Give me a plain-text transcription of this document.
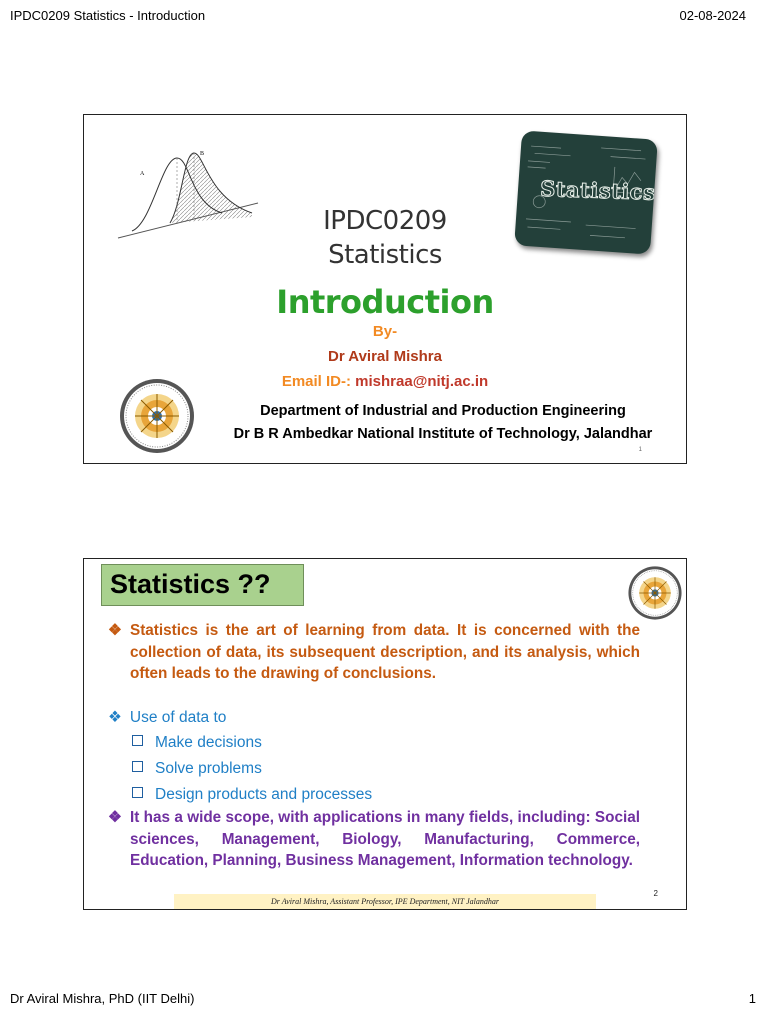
IPDC0209 Statistics - Introduction	02-08-2024
A
B
Statistics
IPDC0209
Statistics
Introduction
By-
Dr Aviral Mishra
Email ID-: mishraa@nitj.ac.in
Department of Industrial and Production Engineering
Dr B R Ambedkar National Institute of Technology, Jalandhar
1
Statistics ??
❖ Statistics is the art of learning from data. It is concerned with the collection of data, its subsequent description, and its analysis, which often leads to the drawing of conclusions.
❖ Use of data to
Make decisions
Solve problems
Design products and processes
❖ It has a wide scope, with applications in many fields, including: Social sciences, Management, Biology, Manufacturing, Commerce, Education, Planning, Business Management, Information technology.
Dr Aviral Mishra, Assistant Professor, IPE Department, NIT Jalandhar
2
Dr Aviral Mishra, PhD (IIT Delhi)	1
